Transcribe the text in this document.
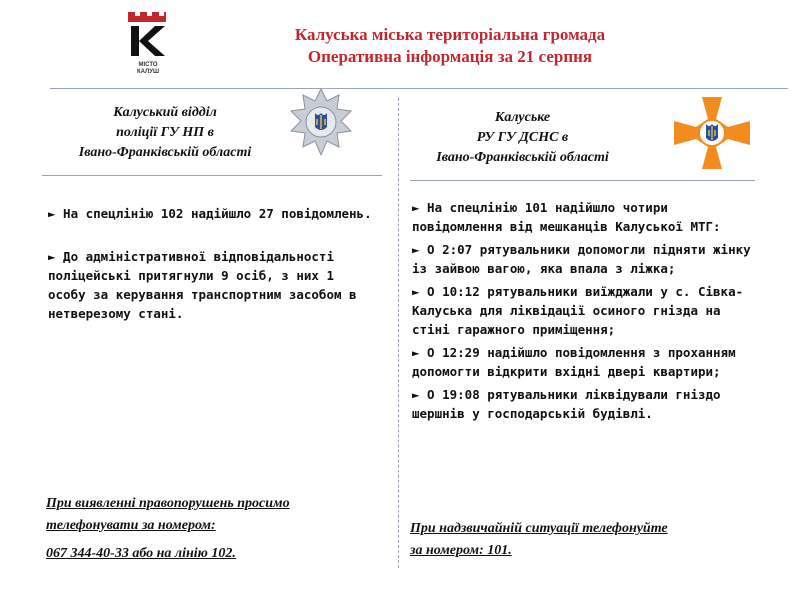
МІСТО
КАЛУШ
Калуська міська територіальна громада
Оперативна інформація за 21 серпня
Калуський відділ
поліції ГУ НП в
Івано-Франківській області

► На спецлінію 102 надійшло 27 повідомлень.

► До адміністративної відповідальності поліцейські притягнули 9 осіб, з них 1 особу за керування транспортним засобом в нетверезому стані.

При виявленні правопорушень просимо

телефонувати за номером:

067 344-40-33 або на лінію 102.

Калуське
РУ ГУ ДСНС в
Івано-Франківській області

► На спецлінію 101 надійшло чотири повідомлення від мешканців Калуської МТГ:

► О 2:07 рятувальники допомогли підняти жінку із зайвою вагою, яка впала з ліжка;

► О 10:12 рятувальники виїжджали у с. Сівка-Калуська для ліквідації осиного гнізда на стіні гаражного приміщення;

► О 12:29 надійшло повідомлення з проханням допомогти відкрити вхідні двері квартири;

► О 19:08 рятувальники ліквідували гніздо шершнів у господарській будівлі.

При надзвичайній ситуації телефонуйте

за номером: 101.
